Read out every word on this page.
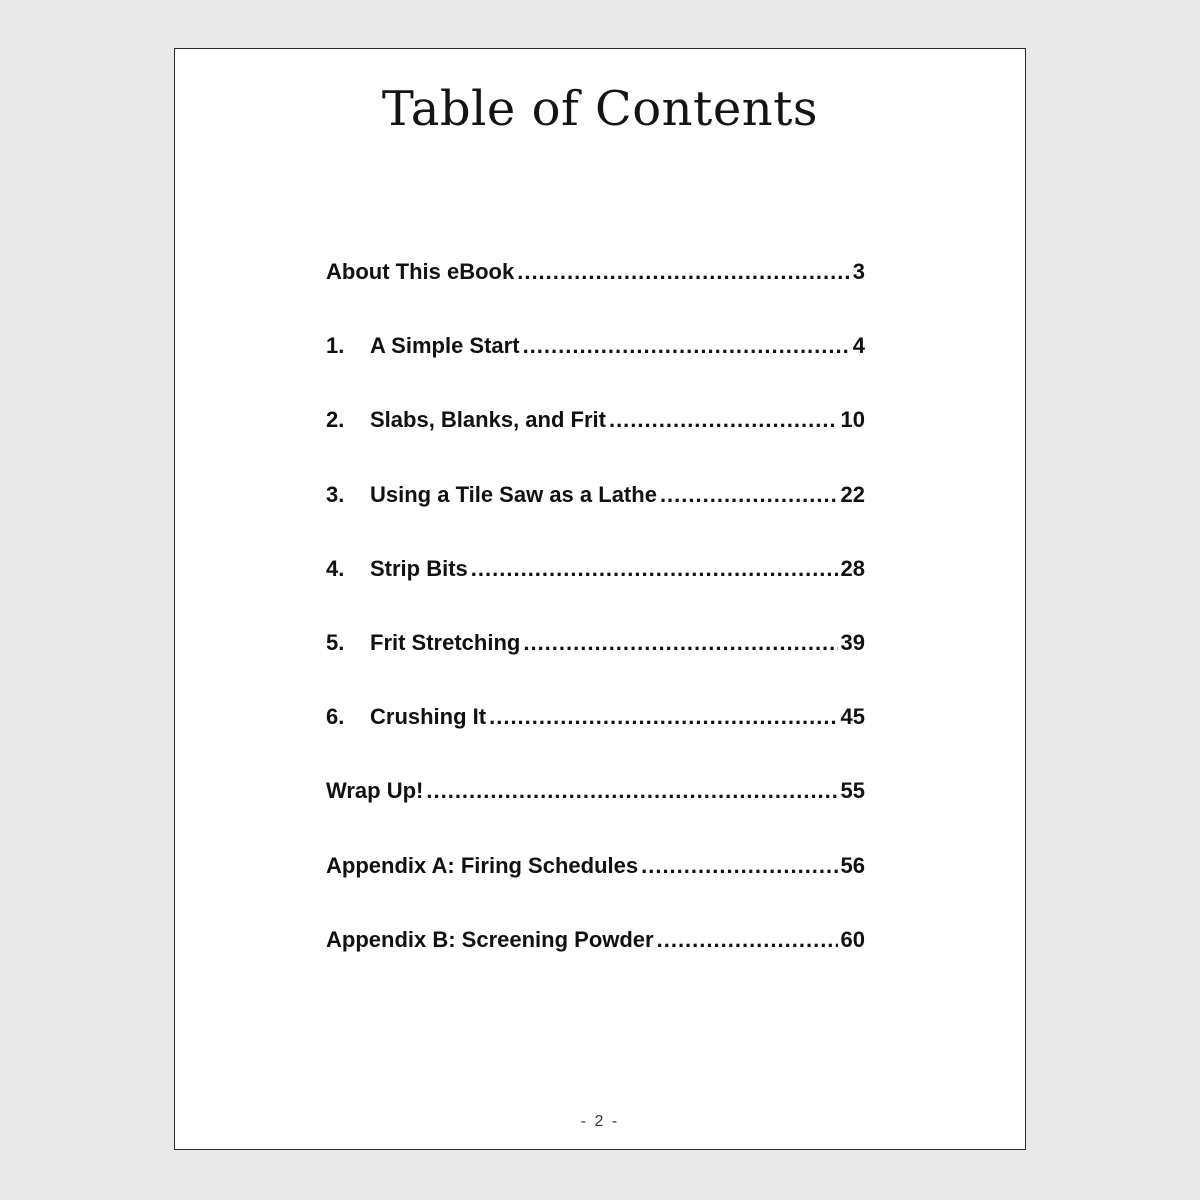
Table of Contents
About This eBook .....	3
1.	A Simple Start .....	4
2.	Slabs, Blanks, and Frit .....	10
3.	Using a Tile Saw as a Lathe .....	22
4.	Strip Bits .....	28
5.	Frit Stretching .....	39
6.	Crushing It .....	45
Wrap Up! .....	55
Appendix A: Firing Schedules .....	56
Appendix B: Screening Powder .....	60
- 2 -
